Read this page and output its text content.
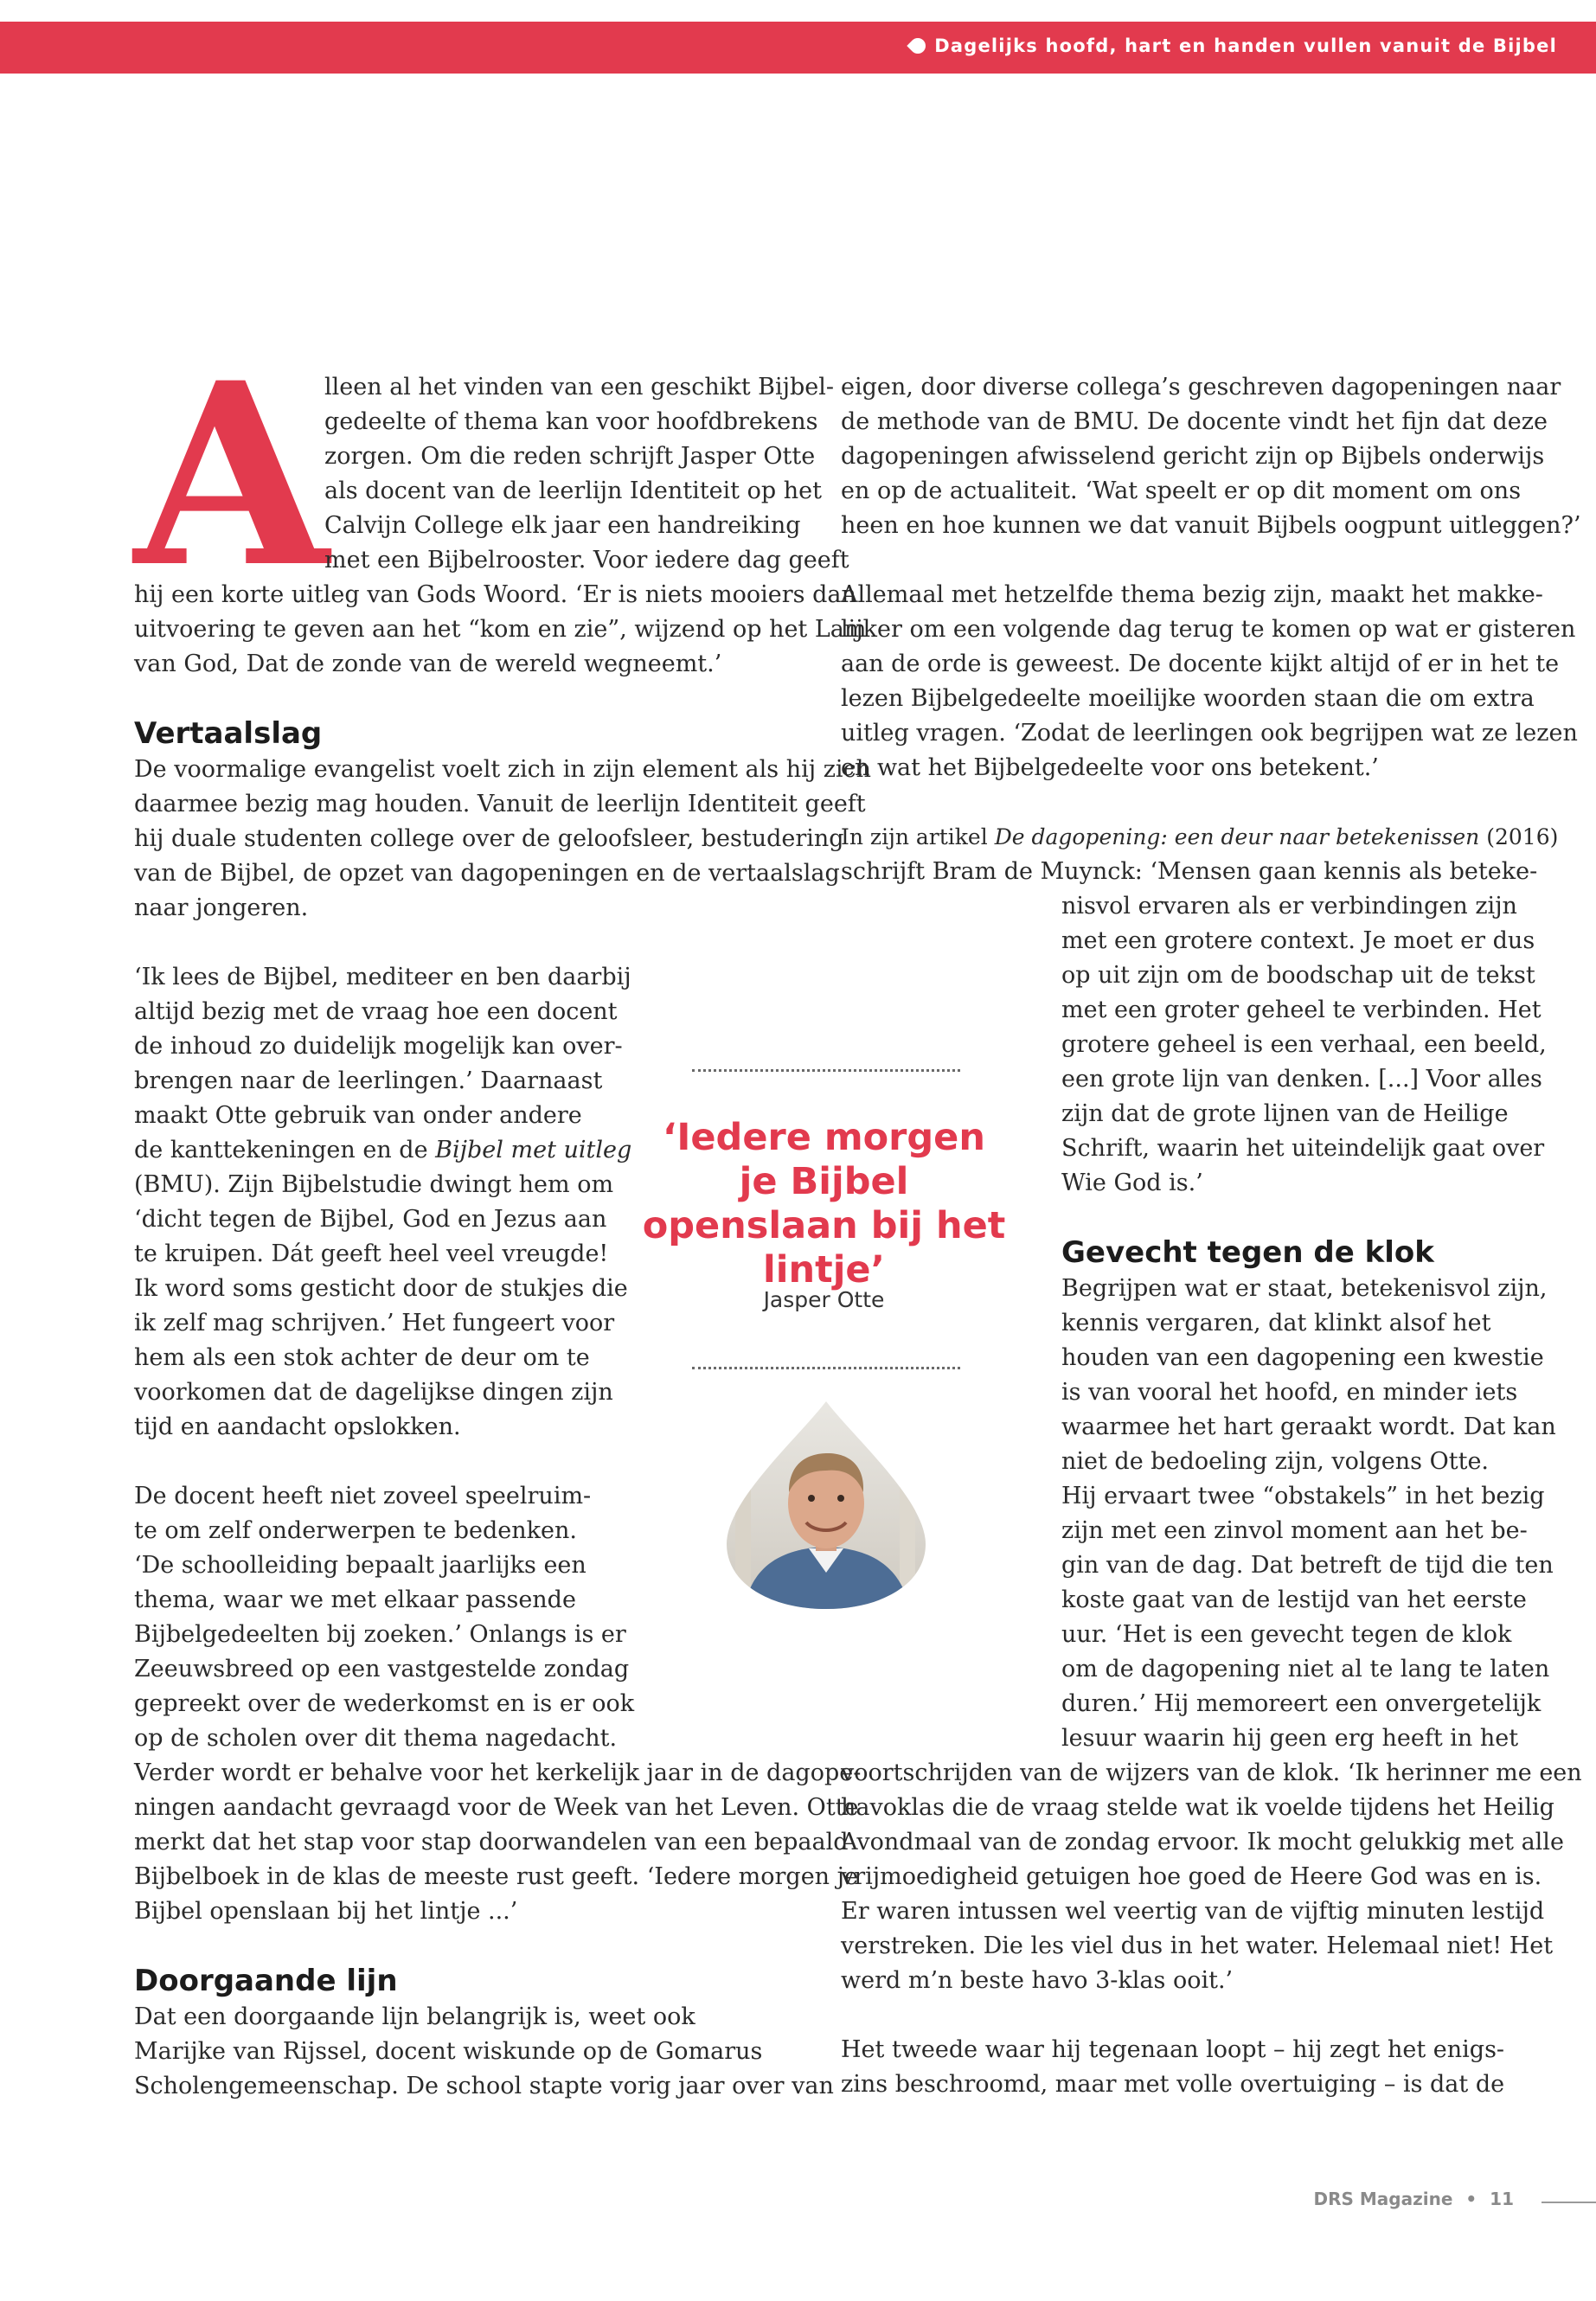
Dagelijks hoofd, hart en handen vullen vanuit de Bijbel
A
lleen al het vinden van een geschikt Bijbel-
gedeelte of thema kan voor hoofdbrekens
zorgen. Om die reden schrijft Jasper Otte
als docent van de leerlijn Identiteit op het
Calvijn College elk jaar een handreiking
met een Bijbelrooster. Voor iedere dag geeft
hij een korte uitleg van Gods Woord. ‘Er is niets mooiers dan
uitvoering te geven aan het “kom en zie”, wijzend op het Lam
van God, Dat de zonde van de wereld wegneemt.’
Vertaalslag
De voormalige evangelist voelt zich in zijn element als hij zich
daarmee bezig mag houden. Vanuit de leerlijn Identiteit geeft
hij duale studenten college over de geloofsleer, bestudering
van de Bijbel, de opzet van dagopeningen en de vertaalslag
naar jongeren.
‘Ik lees de Bijbel, mediteer en ben daarbij
altijd bezig met de vraag hoe een docent
de inhoud zo duidelijk mogelijk kan over-
brengen naar de leerlingen.’ Daarnaast
maakt Otte gebruik van onder andere
de kanttekeningen en de Bijbel met uitleg
(BMU). Zijn Bijbelstudie dwingt hem om
‘dicht tegen de Bijbel, God en Jezus aan
te kruipen. Dát geeft heel veel vreugde!
Ik word soms gesticht door de stukjes die
ik zelf mag schrijven.’ Het fungeert voor
hem als een stok achter de deur om te
voorkomen dat de dagelijkse dingen zijn
tijd en aandacht opslokken.
De docent heeft niet zoveel speelruim-
te om zelf onderwerpen te bedenken.
‘De schoolleiding bepaalt jaarlijks een
thema, waar we met elkaar passende
Bijbelgedeelten bij zoeken.’ Onlangs is er
Zeeuwsbreed op een vastgestelde zondag
gepreekt over de wederkomst en is er ook
op de scholen over dit thema nagedacht.
Verder wordt er behalve voor het kerkelijk jaar in de dagope-
ningen aandacht gevraagd voor de Week van het Leven. Otte
merkt dat het stap voor stap doorwandelen van een bepaald
Bijbelboek in de klas de meeste rust geeft. ‘Iedere morgen je
Bijbel openslaan bij het lintje ...’
Doorgaande lijn
Dat een doorgaande lijn belangrijk is, weet ook
Marijke van Rijssel, docent wiskunde op de Gomarus
Scholengemeenschap. De school stapte vorig jaar over van
eigen, door diverse collega’s geschreven dagopeningen naar
de methode van de BMU. De docente vindt het fijn dat deze
dagopeningen afwisselend gericht zijn op Bijbels onderwijs
en op de actualiteit. ‘Wat speelt er op dit moment om ons
heen en hoe kunnen we dat vanuit Bijbels oogpunt uitleggen?’
Allemaal met hetzelfde thema bezig zijn, maakt het makke-
lijker om een volgende dag terug te komen op wat er gisteren
aan de orde is geweest. De docente kijkt altijd of er in het te
lezen Bijbelgedeelte moeilijke woorden staan die om extra
uitleg vragen. ‘Zodat de leerlingen ook begrijpen wat ze lezen
en wat het Bijbelgedeelte voor ons betekent.’
In zijn artikel De dagopening: een deur naar betekenissen (2016)
schrijft Bram de Muynck: ‘Mensen gaan kennis als beteke-
nisvol ervaren als er verbindingen zijn
met een grotere context. Je moet er dus
op uit zijn om de boodschap uit de tekst
met een groter geheel te verbinden. Het
grotere geheel is een verhaal, een beeld,
een grote lijn van denken. [...] Voor alles
zijn dat de grote lijnen van de Heilige
Schrift, waarin het uiteindelijk gaat over
Wie God is.’
Gevecht tegen de klok
Begrijpen wat er staat, betekenisvol zijn,
kennis vergaren, dat klinkt alsof het
houden van een dagopening een kwestie
is van vooral het hoofd, en minder iets
waarmee het hart geraakt wordt. Dat kan
niet de bedoeling zijn, volgens Otte.
Hij ervaart twee “obstakels” in het bezig
zijn met een zinvol moment aan het be-
gin van de dag. Dat betreft de tijd die ten
koste gaat van de lestijd van het eerste
uur. ‘Het is een gevecht tegen de klok
om de dagopening niet al te lang te laten
duren.’ Hij memoreert een onvergetelijk
lesuur waarin hij geen erg heeft in het
voortschrijden van de wijzers van de klok. ‘Ik herinner me een
havoklas die de vraag stelde wat ik voelde tijdens het Heilig
Avondmaal van de zondag ervoor. Ik mocht gelukkig met alle
vrijmoedigheid getuigen hoe goed de Heere God was en is.
Er waren intussen wel veertig van de vijftig minuten lestijd
verstreken. Die les viel dus in het water. Helemaal niet! Het
werd m’n beste havo 3-klas ooit.’
Het tweede waar hij tegenaan loopt – hij zegt het enigs-
zins beschroomd, maar met volle overtuiging – is dat de
‘Iedere morgen je Bijbel openslaan bij het lintje’
Jasper Otte
DRS Magazine • 11
